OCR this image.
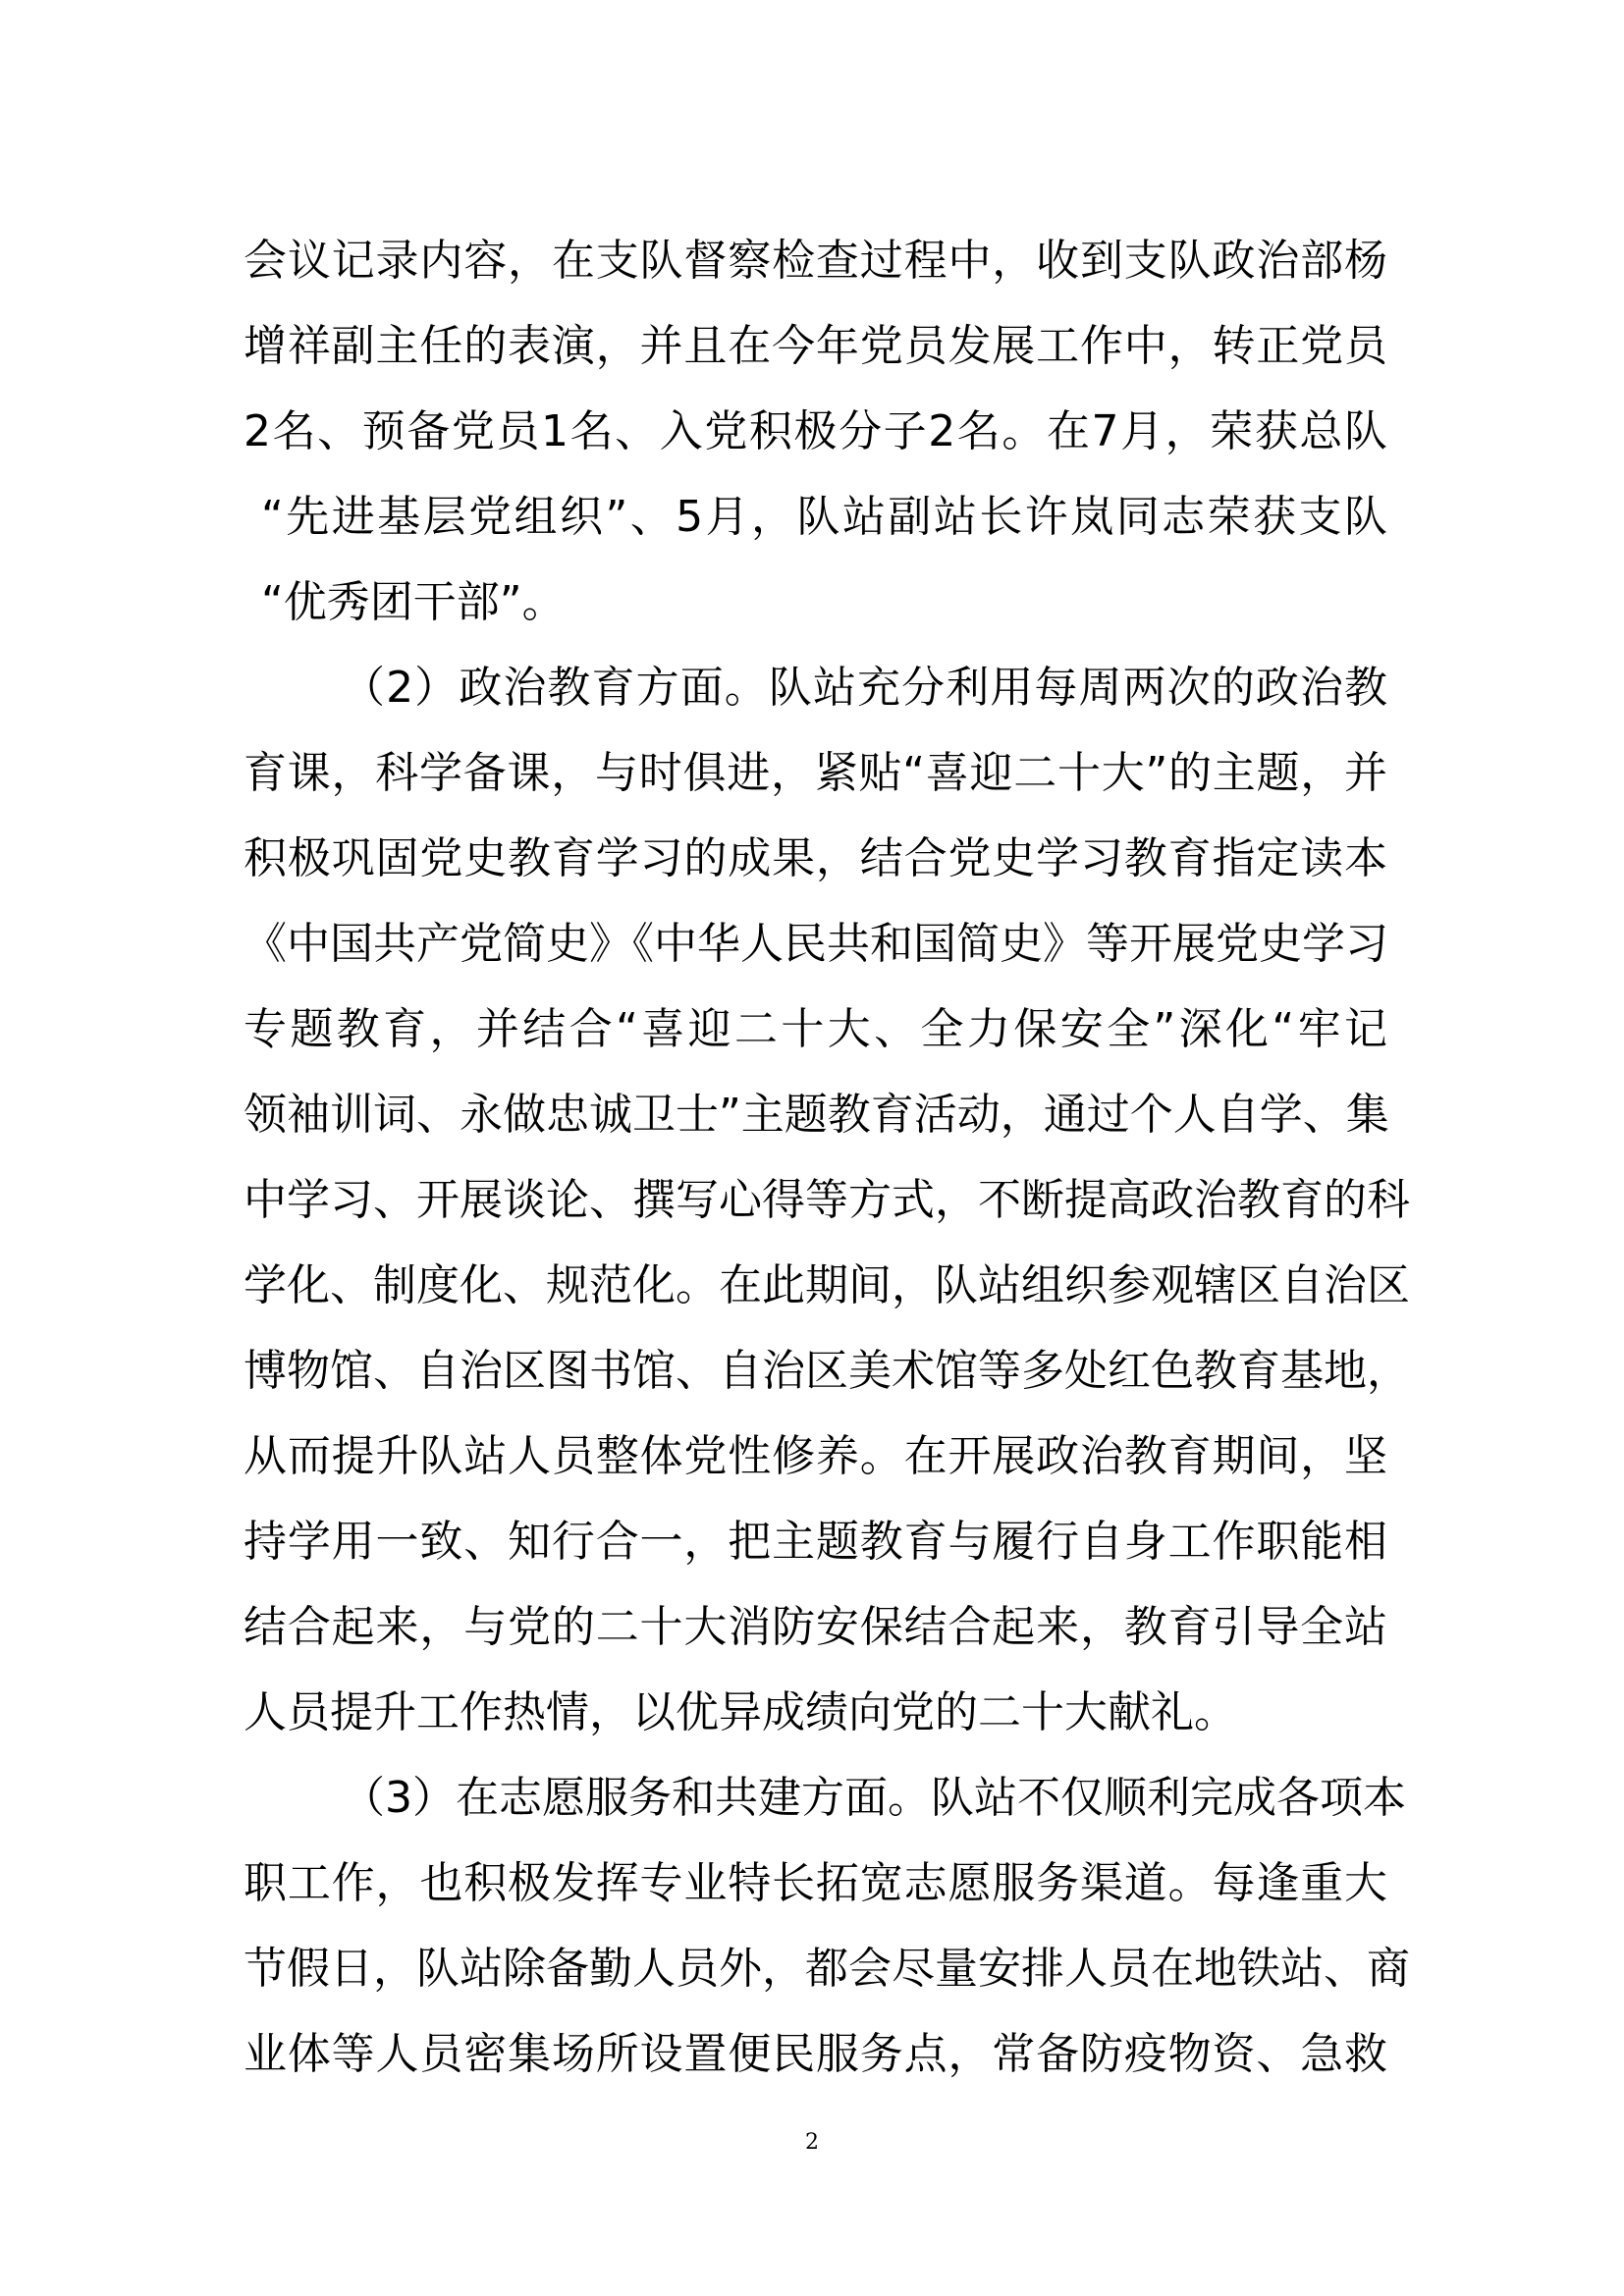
会议记录内容，在支队督察检查过程中，收到支队政治部杨
增祥副主任的表演，并且在今年党员发展工作中，转正党员
2名、预备党员1名、入党积极分子2名。在7月，荣获总队
“先进基层党组织”、5月，队站副站长许岚同志荣获支队
“优秀团干部”。
（2）政治教育方面。队站充分利用每周两次的政治教
育课，科学备课，与时俱进，紧贴“喜迎二十大”的主题，并
积极巩固党史教育学习的成果，结合党史学习教育指定读本
《中国共产党简史》《中华人民共和国简史》等开展党史学习
专题教育，并结合“喜迎二十大、全力保安全”深化“牢记
领袖训词、永做忠诚卫士”主题教育活动，通过个人自学、集
中学习、开展谈论、撰写心得等方式，不断提高政治教育的科
学化、制度化、规范化。在此期间，队站组织参观辖区自治区
博物馆、自治区图书馆、自治区美术馆等多处红色教育基地，
从而提升队站人员整体党性修养。在开展政治教育期间，坚
持学用一致、知行合一，把主题教育与履行自身工作职能相
结合起来，与党的二十大消防安保结合起来，教育引导全站
人员提升工作热情，以优异成绩向党的二十大献礼。
（3）在志愿服务和共建方面。队站不仅顺利完成各项本
职工作，也积极发挥专业特长拓宽志愿服务渠道。每逢重大
节假日，队站除备勤人员外，都会尽量安排人员在地铁站、商
业体等人员密集场所设置便民服务点，常备防疫物资、急救
2
